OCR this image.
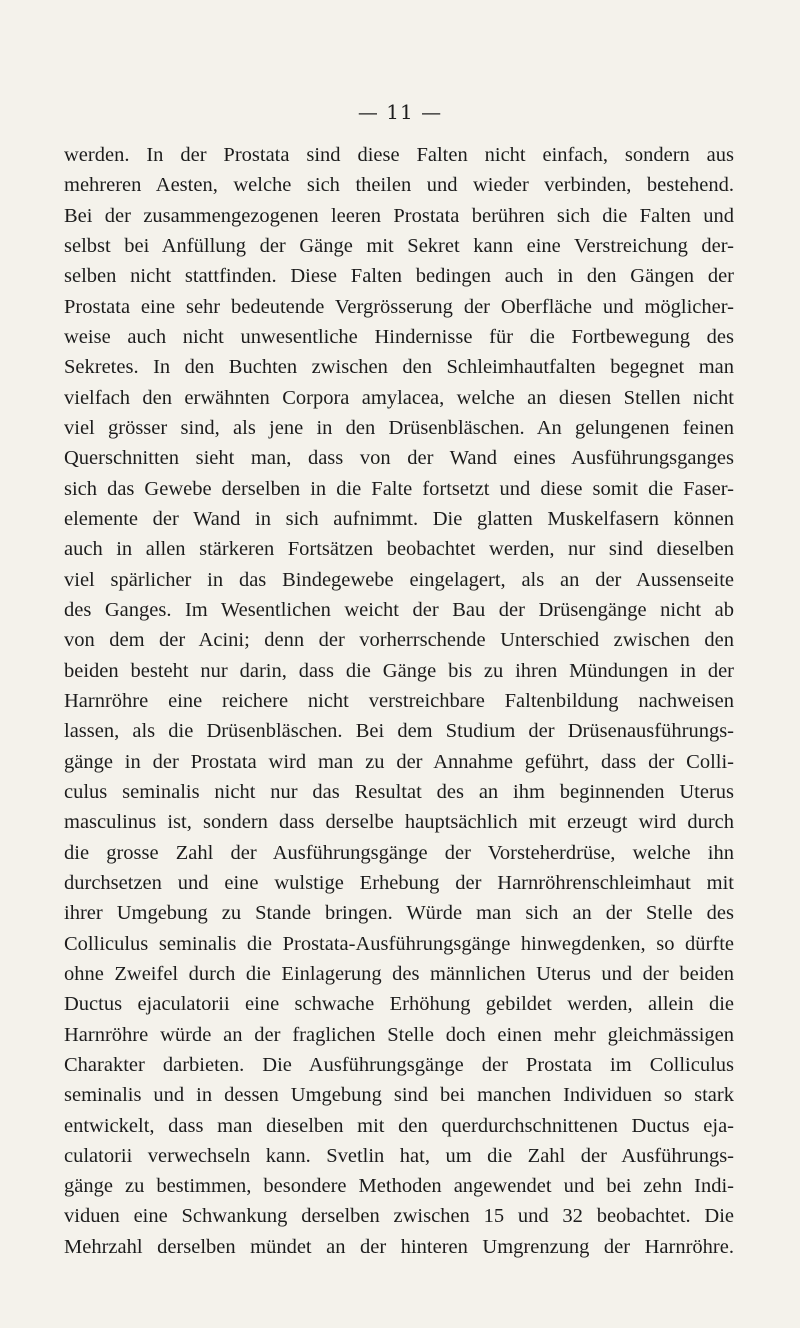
— 11 —

werden. In der Prostata sind diese Falten nicht einfach, sondern aus
mehreren Aesten, welche sich theilen und wieder verbinden, bestehend.
Bei der zusammengezogenen leeren Prostata berühren sich die Falten und
selbst bei Anfüllung der Gänge mit Sekret kann eine Verstreichung der-
selben nicht stattfinden. Diese Falten bedingen auch in den Gängen der
Prostata eine sehr bedeutende Vergrösserung der Oberfläche und möglicher-
weise auch nicht unwesentliche Hindernisse für die Fortbewegung des
Sekretes. In den Buchten zwischen den Schleimhautfalten begegnet man
vielfach den erwähnten Corpora amylacea, welche an diesen Stellen nicht
viel grösser sind, als jene in den Drüsenbläschen. An gelungenen feinen
Querschnitten sieht man, dass von der Wand eines Ausführungsganges
sich das Gewebe derselben in die Falte fortsetzt und diese somit die Faser-
elemente der Wand in sich aufnimmt. Die glatten Muskelfasern können
auch in allen stärkeren Fortsätzen beobachtet werden, nur sind dieselben
viel spärlicher in das Bindegewebe eingelagert, als an der Aussenseite
des Ganges. Im Wesentlichen weicht der Bau der Drüsengänge nicht ab
von dem der Acini; denn der vorherrschende Unterschied zwischen den
beiden besteht nur darin, dass die Gänge bis zu ihren Mündungen in der
Harnröhre eine reichere nicht verstreichbare Faltenbildung nachweisen
lassen, als die Drüsenbläschen. Bei dem Studium der Drüsenausführungs-
gänge in der Prostata wird man zu der Annahme geführt, dass der Colli-
culus seminalis nicht nur das Resultat des an ihm beginnenden Uterus
masculinus ist, sondern dass derselbe hauptsächlich mit erzeugt wird durch
die grosse Zahl der Ausführungsgänge der Vorsteherdrüse, welche ihn
durchsetzen und eine wulstige Erhebung der Harnröhrenschleimhaut mit
ihrer Umgebung zu Stande bringen. Würde man sich an der Stelle des
Colliculus seminalis die Prostata-Ausführungsgänge hinwegdenken, so dürfte
ohne Zweifel durch die Einlagerung des männlichen Uterus und der beiden
Ductus ejaculatorii eine schwache Erhöhung gebildet werden, allein die
Harnröhre würde an der fraglichen Stelle doch einen mehr gleichmässigen
Charakter darbieten. Die Ausführungsgänge der Prostata im Colliculus
seminalis und in dessen Umgebung sind bei manchen Individuen so stark
entwickelt, dass man dieselben mit den querdurchschnittenen Ductus eja-
culatorii verwechseln kann. Svetlin hat, um die Zahl der Ausführungs-
gänge zu bestimmen, besondere Methoden angewendet und bei zehn Indi-
viduen eine Schwankung derselben zwischen 15 und 32 beobachtet. Die
Mehrzahl derselben mündet an der hinteren Umgrenzung der Harnröhre.
